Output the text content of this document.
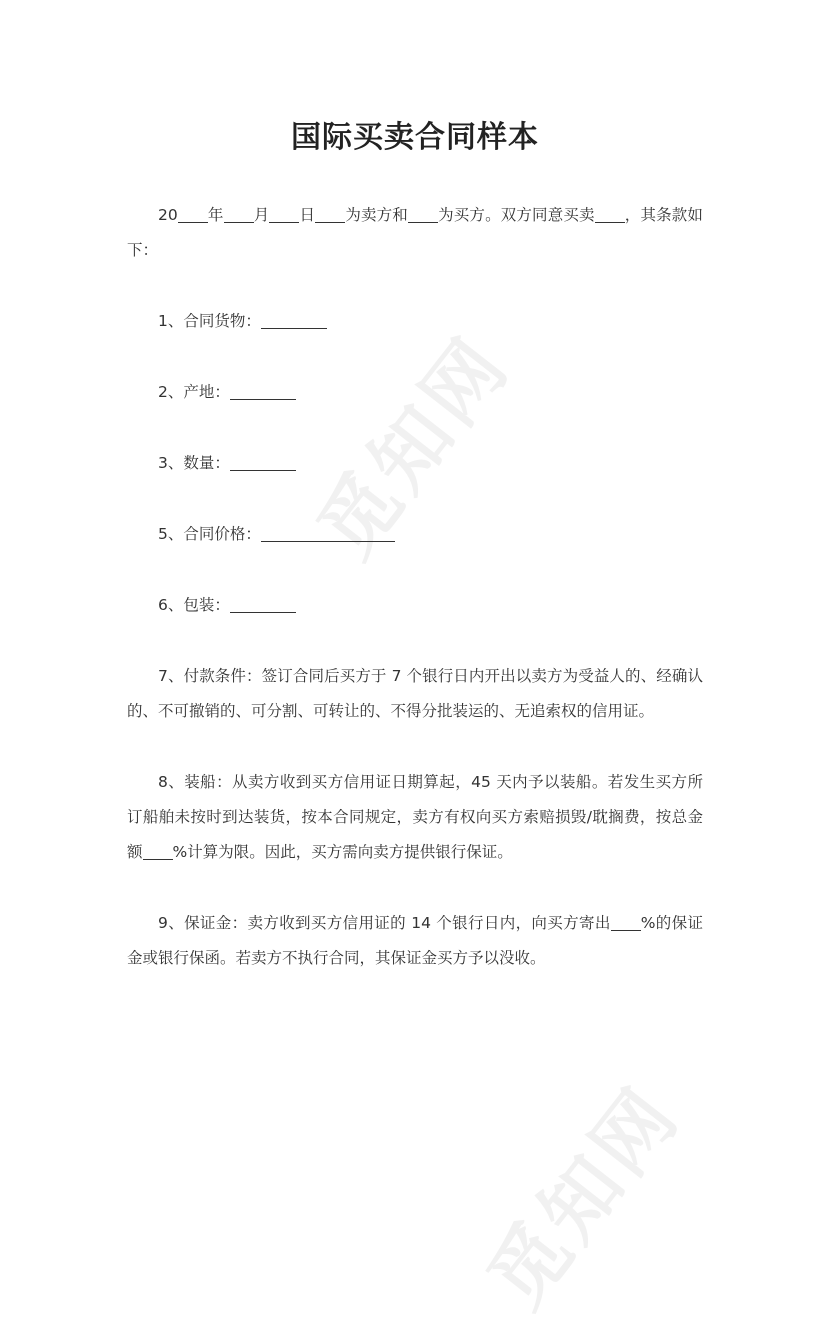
觅知网
觅知网
国际买卖合同样本

20 年 月 日 为卖方和 为买方。双方同意买卖 ，其条款如下：

1、合同货物：

2、产地：

3、数量：

5、合同价格：

6、包装：

7、付款条件：签订合同后买方于 7 个银行日内开出以卖方为受益人的、经确认的、不可撤销的、可分割、可转让的、不得分批装运的、无追索权的信用证。

8、装船：从卖方收到买方信用证日期算起，45 天内予以装船。若发生买方所订船舶未按时到达装货，按本合同规定，卖方有权向买方索赔损毁/耽搁费，按总金额 %计算为限。因此，买方需向卖方提供银行保证。

9、保证金：卖方收到买方信用证的 14 个银行日内，向买方寄出 %的保证金或银行保函。若卖方不执行合同，其保证金买方予以没收。
